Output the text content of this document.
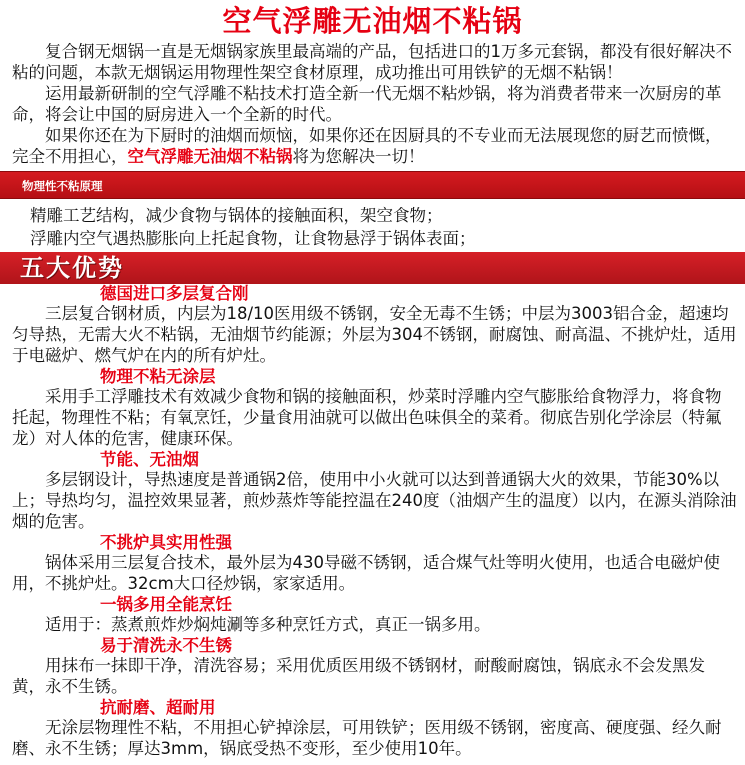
空气浮雕无油烟不粘锅

复合钢无烟锅一直是无烟锅家族里最高端的产品，包括进口的1万多元套锅，都没有很好解决不粘的问题，本款无烟锅运用物理性架空食材原理，成功推出可用铁铲的无烟不粘锅！

运用最新研制的空气浮雕不粘技术打造全新一代无烟不粘炒锅，将为消费者带来一次厨房的革命，将会让中国的厨房进入一个全新的时代。

如果你还在为下厨时的油烟而烦恼，如果你还在因厨具的不专业而无法展现您的厨艺而愤慨，完全不用担心，空气浮雕无油烟不粘锅将为您解决一切！

物理性不粘原理

精雕工艺结构，减少食物与锅体的接触面积，架空食物；

浮雕内空气遇热膨胀向上托起食物，让食物悬浮于锅体表面；

五大优势

德国进口多层复合刚

三层复合钢材质，内层为18/10医用级不锈钢，安全无毒不生锈；中层为3003铝合金，超速均匀导热，无需大火不粘锅，无油烟节约能源；外层为304不锈钢，耐腐蚀、耐高温、不挑炉灶，适用于电磁炉、燃气炉在内的所有炉灶。

物理不粘无涂层

采用手工浮雕技术有效减少食物和锅的接触面积，炒菜时浮雕内空气膨胀给食物浮力，将食物托起，物理性不粘；有氧烹饪，少量食用油就可以做出色味俱全的菜肴。彻底告别化学涂层（特氟龙）对人体的危害，健康环保。

节能、无油烟

多层钢设计，导热速度是普通锅2倍，使用中小火就可以达到普通锅大火的效果，节能30%以上；导热均匀，温控效果显著，煎炒蒸炸等能控温在240度（油烟产生的温度）以内，在源头消除油烟的危害。

不挑炉具实用性强

锅体采用三层复合技术，最外层为430导磁不锈钢，适合煤气灶等明火使用，也适合电磁炉使用，不挑炉灶。32cm大口径炒锅，家家适用。

一锅多用全能烹饪

适用于：蒸煮煎炸炒焖炖涮等多种烹饪方式，真正一锅多用。

易于清洗永不生锈

用抹布一抹即干净，清洗容易；采用优质医用级不锈钢材，耐酸耐腐蚀，锅底永不会发黑发黄，永不生锈。

抗耐磨、超耐用

无涂层物理性不粘，不用担心铲掉涂层，可用铁铲；医用级不锈钢，密度高、硬度强、经久耐磨、永不生锈；厚达3mm，锅底受热不变形，至少使用10年。
